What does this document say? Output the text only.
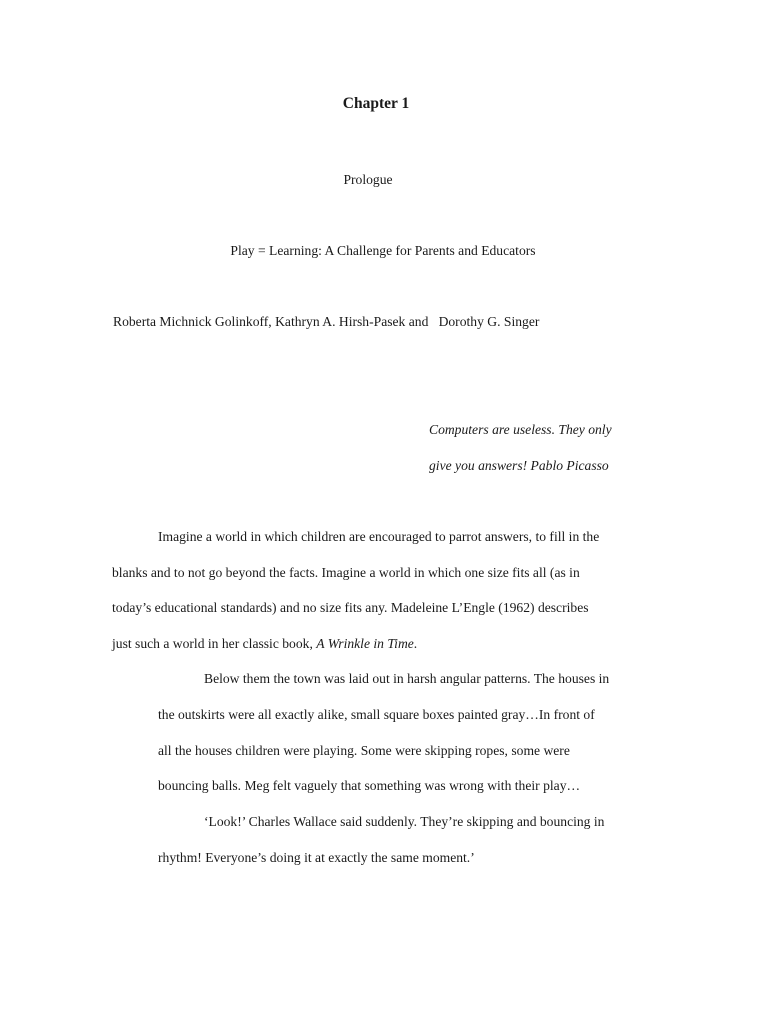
Chapter 1
Prologue
Play = Learning: A Challenge for Parents and Educators
Roberta Michnick Golinkoff, Kathryn A. Hirsh-Pasek and   Dorothy G. Singer
Computers are useless. They only
give you answers! Pablo Picasso
Imagine a world in which children are encouraged to parrot answers, to fill in the
blanks and to not go beyond the facts. Imagine a world in which one size fits all (as in
today’s educational standards) and no size fits any. Madeleine L’Engle (1962) describes
just such a world in her classic book, A Wrinkle in Time.
Below them the town was laid out in harsh angular patterns. The houses in
the outskirts were all exactly alike, small square boxes painted gray…In front of
all the houses children were playing. Some were skipping ropes, some were
bouncing balls. Meg felt vaguely that something was wrong with their play…
‘Look!’ Charles Wallace said suddenly. They’re skipping and bouncing in
rhythm! Everyone’s doing it at exactly the same moment.’
